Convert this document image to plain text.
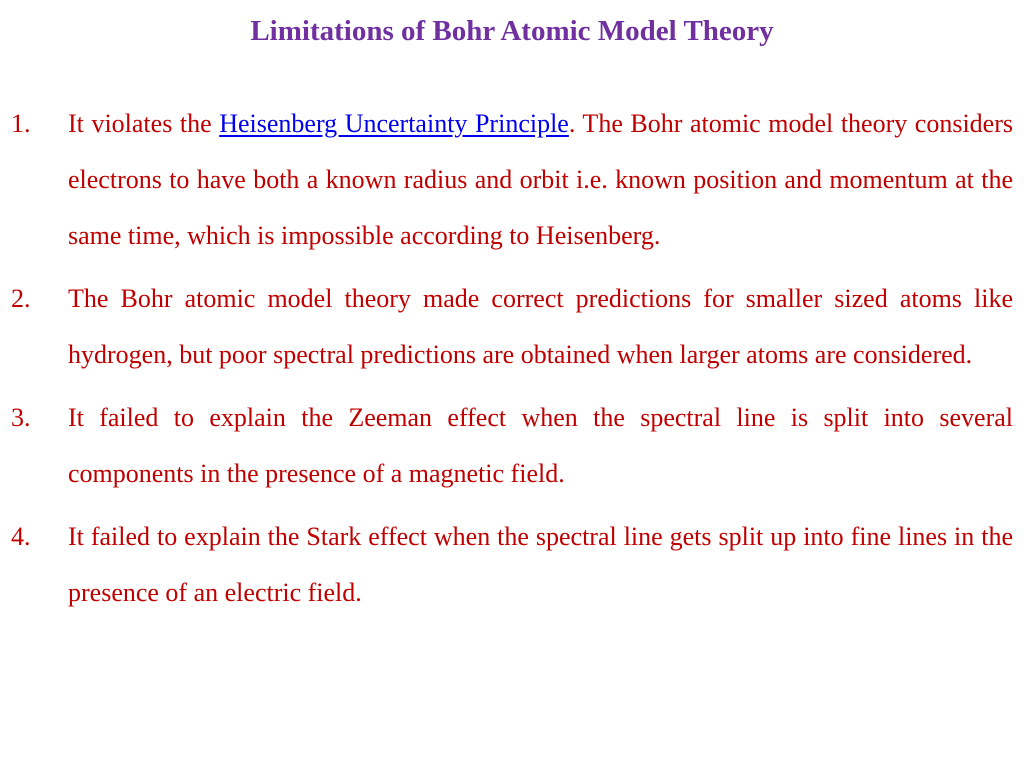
Limitations of Bohr Atomic Model Theory
1. It violates the Heisenberg Uncertainty Principle. The Bohr atomic model theory considers electrons to have both a known radius and orbit i.e. known position and momentum at the same time, which is impossible according to Heisenberg.

2. The Bohr atomic model theory made correct predictions for smaller sized atoms like hydrogen, but poor spectral predictions are obtained when larger atoms are considered.

3. It failed to explain the Zeeman effect when the spectral line is split into several components in the presence of a magnetic field.

4. It failed to explain the Stark effect when the spectral line gets split up into fine lines in the presence of an electric field.
